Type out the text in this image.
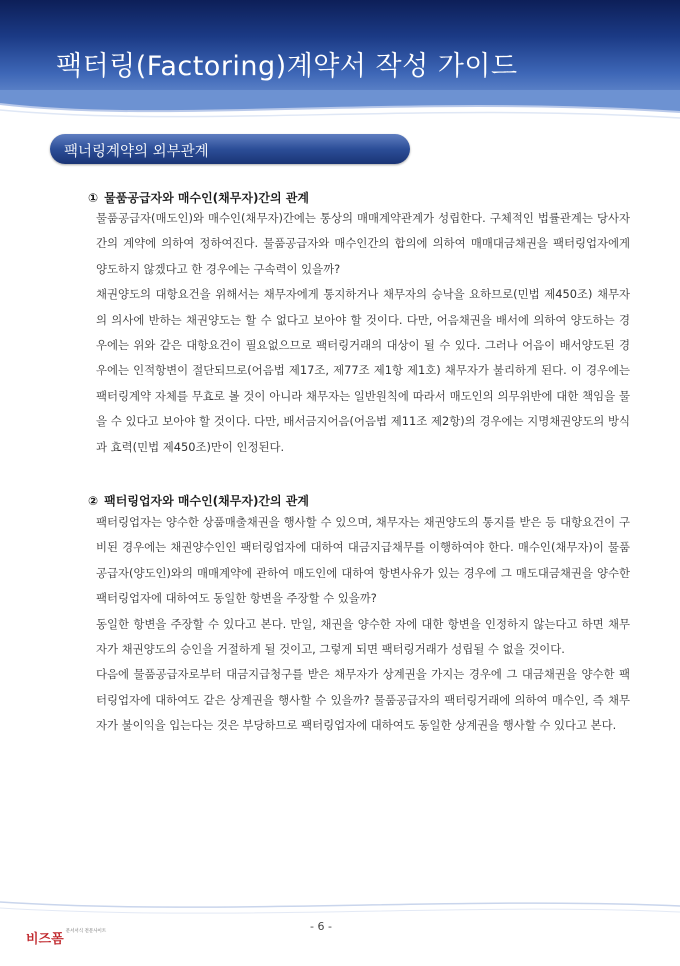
팩터링(Factoring)계약서 작성 가이드
팩너링계약의 외부관계
① 물품공급자와 매수인(채무자)간의 관계

물품공급자(매도인)와 매수인(채무자)간에는 통상의 매매계약관계가 성립한다. 구체적인 법률관계는 당사자간의 계약에 의하여 정하여진다. 물품공급자와 매수인간의 합의에 의하여 매매대금채권을 팩터링업자에게 양도하지 않겠다고 한 경우에는 구속력이 있을까?

채권양도의 대항요건을 위해서는 채무자에게 통지하거나 채무자의 승낙을 요하므로(민법 제450조) 채무자의 의사에 반하는 채권양도는 할 수 없다고 보아야 할 것이다. 다만, 어음채권을 배서에 의하여 양도하는 경우에는 위와 같은 대항요건이 필요없으므로 팩터링거래의 대상이 될 수 있다. 그러나 어음이 배서양도된 경우에는 인적항변이 절단되므로(어음법 제17조, 제77조 제1항 제1호) 채무자가 불리하게 된다. 이 경우에는 팩터링계약 자체를 무효로 볼 것이 아니라 채무자는 일반원칙에 따라서 매도인의 의무위반에 대한 책임을 물을 수 있다고 보아야 할 것이다. 다만, 배서금지어음(어음법 제11조 제2항)의 경우에는 지명채권양도의 방식과 효력(민법 제450조)만이 인정된다.

② 팩터링업자와 매수인(채무자)간의 관계

팩터링업자는 양수한 상품매출채권을 행사할 수 있으며, 채무자는 채권양도의 통지를 받은 등 대항요건이 구비된 경우에는 채권양수인인 팩터링업자에 대하여 대금지급채무를 이행하여야 한다. 매수인(채무자)이 물품공급자(양도인)와의 매매계약에 관하여 매도인에 대하여 항변사유가 있는 경우에 그 매도대금채권을 양수한 팩터링업자에 대하여도 동일한 항변을 주장할 수 있을까?

동일한 항변을 주장할 수 있다고 본다. 만일, 채권을 양수한 자에 대한 항변을 인정하지 않는다고 하면 채무자가 채권양도의 승인을 거절하게 될 것이고, 그렇게 되면 팩터링거래가 성립될 수 없을 것이다.

다음에 물품공급자로부터 대금지급청구를 받은 채무자가 상계권을 가지는 경우에 그 대금채권을 양수한 팩터링업자에 대하여도 같은 상계권을 행사할 수 있을까? 물품공급자의 팩터링거래에 의하여 매수인, 즉 채무자가 불이익을 입는다는 것은 부당하므로 팩터링업자에 대하여도 동일한 상계권을 행사할 수 있다고 본다.

- 6 -
비즈폼$^{문서서식 전문사이트}$
